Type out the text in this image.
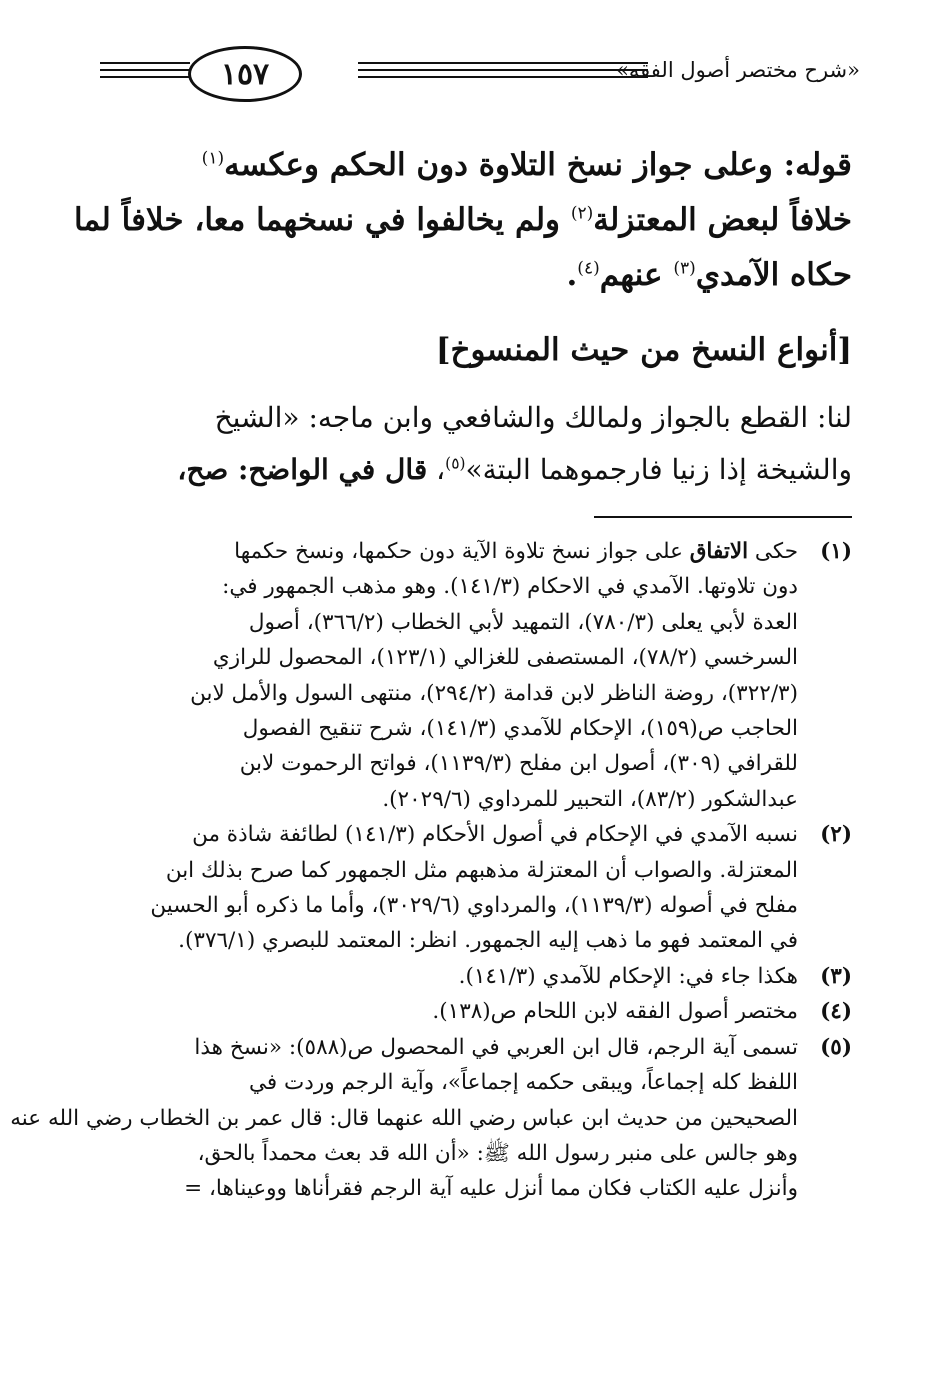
«شرح مختصر أصول الفقه»
١٥٧
قوله: وعلى جواز نسخ التلاوة دون الحكم وعكسه$^{(١)}$
خلافاً لبعض المعتزلة$^{(٢)}$ ولم يخالفوا في نسخهما معا، خلافاً لما
حكاه الآمدي$^{(٣)}$ عنهم$^{(٤)}$.
[أنواع النسخ من حيث المنسوخ]
لنا: القطع بالجواز ولمالك والشافعي وابن ماجه: «الشيخ
والشيخة إذا زنيا فارجموهما البتة»$^{(٥)}$، قال في الواضح: صح،
(١)
حكى الاتفاق على جواز نسخ تلاوة الآية دون حكمها، ونسخ حكمها
دون تلاوتها. الآمدي في الاحكام (١٤١/٣). وهو مذهب الجمهور في:
العدة لأبي يعلى (٧٨٠/٣)، التمهيد لأبي الخطاب (٣٦٦/٢)، أصول
السرخسي (٧٨/٢)، المستصفى للغزالي (١٢٣/١)، المحصول للرازي
(٣٢٢/٣)، روضة الناظر لابن قدامة (٢٩٤/٢)، منتهى السول والأمل لابن
الحاجب ص(١٥٩)، الإحكام للآمدي (١٤١/٣)، شرح تنقيح الفصول
للقرافي (٣٠٩)، أصول ابن مفلح (١١٣٩/٣)، فواتح الرحموت لابن
عبدالشكور (٨٣/٢)، التحبير للمرداوي (٢٠٢٩/٦).
(٢)
نسبه الآمدي في الإحكام في أصول الأحكام (١٤١/٣) لطائفة شاذة من
المعتزلة. والصواب أن المعتزلة مذهبهم مثل الجمهور كما صرح بذلك ابن
مفلح في أصوله (١١٣٩/٣)، والمرداوي (٣٠٢٩/٦)، وأما ما ذكره أبو الحسين
في المعتمد فهو ما ذهب إليه الجمهور. انظر: المعتمد للبصري (٣٧٦/١).
(٣)
هكذا جاء في: الإحكام للآمدي (١٤١/٣).
(٤)
مختصر أصول الفقه لابن اللحام ص(١٣٨).
(٥)
تسمى آية الرجم، قال ابن العربي في المحصول ص(٥٨٨): «نسخ هذا
اللفظ كله إجماعاً، ويبقى حكمه إجماعاً»، وآية الرجم وردت في
الصحيحين من حديث ابن عباس رضي الله عنهما قال: قال عمر بن الخطاب رضي الله عنه
وهو جالس على منبر رسول الله ﷺ: «أن الله قد بعث محمداً بالحق،
وأنزل عليه الكتاب فكان مما أنزل عليه آية الرجم فقرأناها ووعيناها، =
